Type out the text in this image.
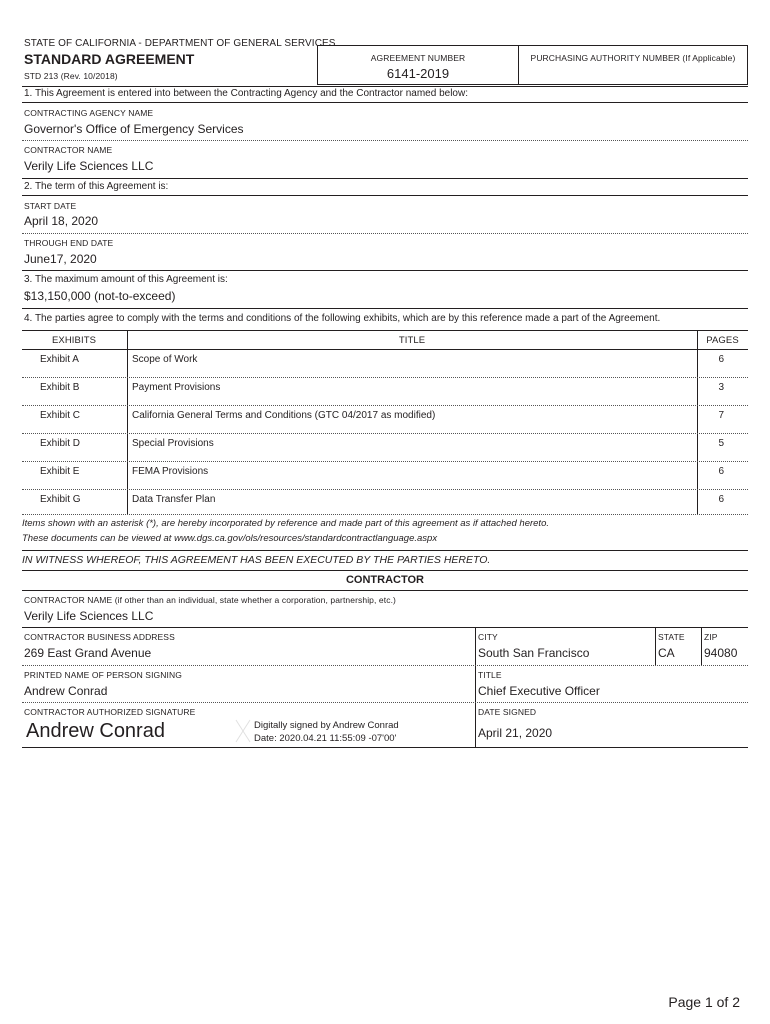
STATE OF CALIFORNIA - DEPARTMENT OF GENERAL SERVICES
STANDARD AGREEMENT
STD 213 (Rev. 10/2018)
AGREEMENT NUMBER
6141-2019
PURCHASING AUTHORITY NUMBER (If Applicable)
1. This Agreement is entered into between the Contracting Agency and the Contractor named below:
CONTRACTING AGENCY NAME
Governor's Office of Emergency Services
CONTRACTOR NAME
Verily Life Sciences LLC
2. The term of this Agreement is:
START DATE
April 18, 2020
THROUGH END DATE
June17, 2020
3. The maximum amount of this Agreement is:
$13,150,000 (not-to-exceed)
4. The parties agree to comply with the terms and conditions of the following exhibits, which are by this reference made a part of the Agreement.
EXHIBITS	TITLE	PAGES
Exhibit A	Scope of Work	6
Exhibit B	Payment Provisions	3
Exhibit C	California General Terms and Conditions (GTC 04/2017 as modified)	7
Exhibit D	Special Provisions	5
Exhibit E	FEMA Provisions	6
Exhibit G	Data Transfer Plan	6
Items shown with an asterisk (*), are hereby incorporated by reference and made part of this agreement as if attached hereto.
These documents can be viewed at www.dgs.ca.gov/ols/resources/standardcontractlanguage.aspx
IN WITNESS WHEREOF, THIS AGREEMENT HAS BEEN EXECUTED BY THE PARTIES HERETO.
CONTRACTOR
CONTRACTOR NAME (if other than an individual, state whether a corporation, partnership, etc.)
Verily Life Sciences LLC
CONTRACTOR BUSINESS ADDRESS
269 East Grand Avenue
CITY
South San Francisco
STATE
CA
ZIP
94080
PRINTED NAME OF PERSON SIGNING
Andrew Conrad
TITLE
Chief Executive Officer
CONTRACTOR AUTHORIZED SIGNATURE
Andrew Conrad	Digitally signed by Andrew Conrad
Date: 2020.04.21 11:55:09 -07'00'
DATE SIGNED
April 21, 2020
Page 1 of 2
